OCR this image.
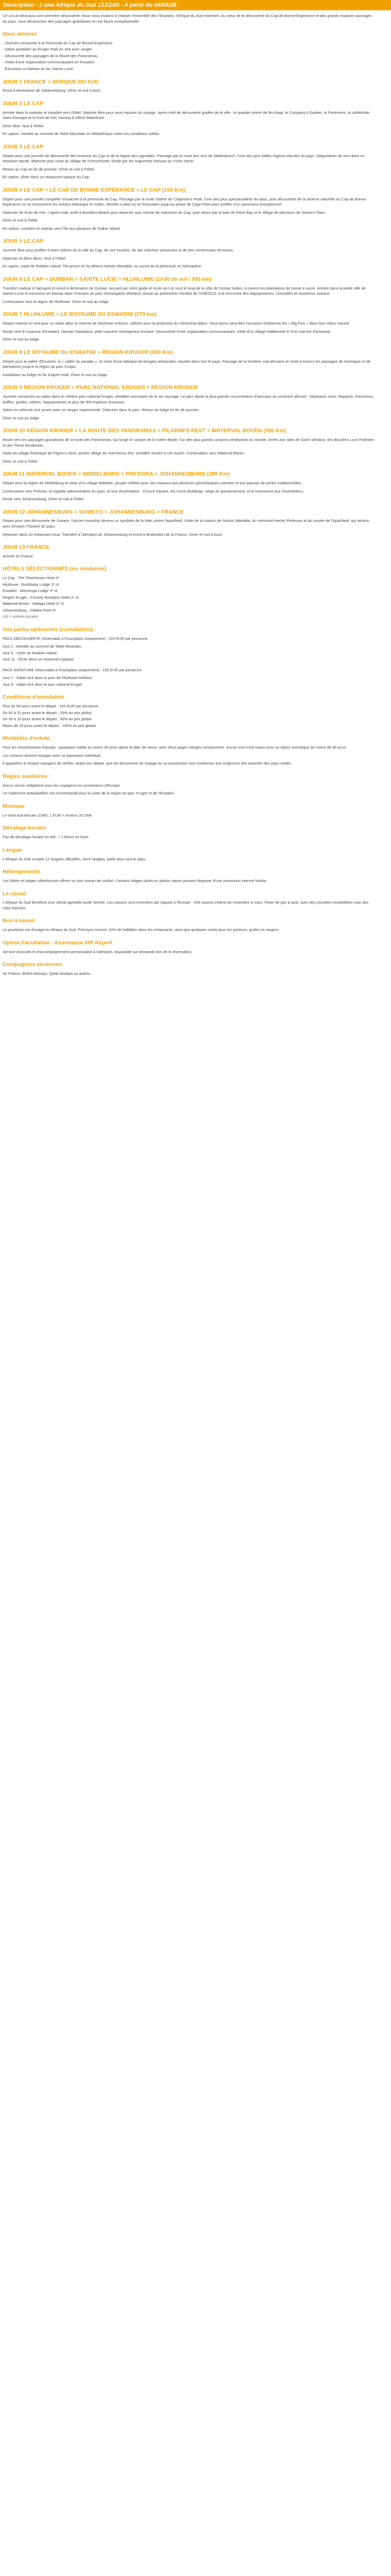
Description - 1 une Afrique du Sud 13J/10N - A partir du 04/04/26

Ce circuit idéal pour une première découverte. Nous vous invitons à réaliser l'ensemble des l'Eswatini, l'Afrique du Sud essentiel. Au cœur de la découverte du Cap de Bonne-Espérance et des grands espaces sauvages du pays, vous découvrirez des paysages grandioses et une faune exceptionnelle.

Vous aimerez
- Journée consacrée à la Péninsule du Cap de Bonne-Espérance
- Safari quotidien au Kruger Park en 4x4 avec ranger
- Découverte des paysages de la Route des Panoramas
- Visite d'une organisation communautaire en Eswatini
- Excursion en bateau au lac Sainte-Lucie
JOUR 1 FRANCE > AFRIQUE DU SUD

Envol à destination de Johannesburg. Dîner et nuit à bord.

JOUR 2 LE CAP

Arrivée dans la matinée et transfert vers l'hôtel. Matinée libre pour vous reposer du voyage. Après-midi de découverte guidée de la ville : le quartier coloré de Bo-Kaap, le Company's Garden, le Parlement, la cathédrale Saint-Georges et le front de mer Victoria & Alfred Waterfront.

Dîner libre. Nuit à l'hôtel.

En option, montée au sommet de Table Mountain en téléphérique selon les conditions météo.

JOUR 3 LE CAP

Départ pour une journée de découverte des environs du Cap et de la région des vignobles. Passage par la route des vins de Stellenbosch, l'une des plus belles régions viticoles du pays. Dégustation de vins dans un domaine réputé, déjeuner puis visite du village de Franschhoek, fondé par les huguenots français au XVIIe siècle.

Retour au Cap en fin de journée. Dîner et nuit à l'hôtel.

En option, dîner dans un restaurant typique du Cap.

JOUR 4 LE CAP > LE CAP DE BONNE ESPÉRANCE > LE CAP (150 Km)

Départ pour une journée complète consacrée à la péninsule du Cap. Passage par la route côtière de Chapman's Peak, l'une des plus spectaculaires du pays, puis découverte de la réserve naturelle du Cap de Bonne-Espérance où se rencontrent les océans Atlantique et Indien. Montée à pied ou en funiculaire jusqu'au phare de Cape Point pour profiter d'un panorama exceptionnel.

Déjeuner de fruits de mer. L'après-midi, arrêt à Boulders Beach pour observer une colonie de manchots du Cap, puis retour par la baie de False Bay et le village de pêcheurs de Simon's Town.

Dîner et nuit à l'hôtel.

En option, croisière en bateau vers l'île aux phoques de Duiker Island.

JOUR 5 LE CAP

Journée libre pour profiter à votre rythme de la ville du Cap, de ses musées, de ses marchés artisanaux et de ses nombreuses terrasses.

Déjeuner et dîner libres. Nuit à l'hôtel.

En option, visite de Robben Island, l'île-prison où fut détenu Nelson Mandela, ou survol de la péninsule en hélicoptère.

JOUR 6 LE CAP > DURBAN > SAINTE LUCIE > HLUHLUWE (1h30 de vol / 300 km)

Transfert matinal à l'aéroport et envol à destination de Durban. Accueil par votre guide et route vers le nord le long de la côte de l'océan Indien, à travers les plantations de canne à sucre. Arrivée dans la petite ville de Sainte-Lucie et excursion en bateau dans l'estuaire du parc iSimangaliso Wetland, classé au patrimoine mondial de l'UNESCO, à la rencontre des hippopotames, crocodiles et nombreux oiseaux.

Continuation vers la région de Hluhluwe. Dîner et nuit au lodge.

JOUR 7 HLUHLUWE > LE ROYAUME DU ESWATINI (270 km)

Départ matinal en 4x4 pour un safari dans la réserve de Hluhluwe-Imfolozi, célèbre pour la protection du rhinocéros blanc. Vous aurez peut-être l'occasion d'observer les « Big Five » dans leur milieu naturel.

Route vers le royaume d'Eswatini, l'ancien Swaziland, petit royaume montagneux enclavé. Découverte d'une organisation communautaire, visite d'un village traditionnel et d'un marché d'artisanat.

Dîner et nuit au lodge.

JOUR 8 LE ROYAUME DU ESWATINI > RÉGION KRUGER (300 Km)

Départ pour la vallée d'Ezulwini, la « vallée du paradis », et visite d'une fabrique de bougies artisanales réputée dans tout le pays. Passage de la frontière sud-africaine et route à travers les paysages de montagne et de plantations jusqu'à la région du parc Kruger.

Installation au lodge en fin d'après-midi. Dîner et nuit au lodge.

JOUR 9 RÉGION KRUGER > PARC NATIONAL KRUGER > RÉGION KRUGER

Journée consacrée au safari dans le célèbre parc national Kruger, véritable sanctuaire de la vie sauvage. Le parc abrite la plus grande concentration d'animaux du continent africain : éléphants, lions, léopards, rhinocéros, buffles, girafes, zèbres, hippopotames et plus de 500 espèces d'oiseaux.

Safari en véhicule 4x4 ouvert avec un ranger expérimenté. Déjeuner dans le parc. Retour au lodge en fin de journée.

Dîner et nuit au lodge.

JOUR 10 RÉGION KRUGER > LA ROUTE DES PANORAMAS > PILGRIM'S REST > WATERVAL BOVEN (350 Km)

Route vers les paysages grandioses de la route des Panoramas, qui longe le canyon de la rivière Blyde, l'un des plus grands canyons verdoyants au monde. Arrêts aux sites de God's Window, des Bourke's Luck Potholes et des Three Rondavels.

Visite du village historique de Pilgrim's Rest, ancien village de chercheurs d'or, véritable musée à ciel ouvert. Continuation vers Waterval Boven.

Dîner et nuit à l'hôtel.

JOUR 11 WATERVAL BOVEN > MIDDELBURG > PRETORIA > JOHANNESBURG (280 Km)

Départ pour la région de Middelburg et visite d'un village Ndebele, peuple célèbre pour ses maisons aux peintures géométriques colorées et ses parures de perles traditionnelles.

Continuation vers Pretoria, la capitale administrative du pays, et tour d'orientation : Church Square, les Union Buildings, siège du gouvernement, et le monument aux Voortrekkers.

Route vers Johannesburg. Dîner et nuit à l'hôtel.

JOUR 12 JOHANNESBURG > SOWETO > JOHANNESBURG > FRANCE

Départ pour une découverte de Soweto, l'ancien township devenu un symbole de la lutte contre l'apartheid. Visite de la maison de Nelson Mandela, du mémorial Hector Pieterson et du musée de l'Apartheid, qui retrace avec émotion l'histoire du pays.

Déjeuner dans un restaurant local. Transfert à l'aéroport de Johannesburg et envol à destination de la France. Dîner et nuit à bord.

JOUR 13 FRANCE

Arrivée en France.

HÔTELS SÉLECTIONNÉS (ou similaires)
Le Cap : The Townhouse Hotel 4*
Hluhluwe : Bushbaby Lodge 3* nl
Eswatini : Mantenga Lodge 3* nl
Région Kruger : Country Boutique Hotel 3* nl
Waterval Boven : Malaga Hotel 3* nl
Johannesburg : Indaba Hotel 4*
(nl) = normes locales
Vos packs optionnels (cumulables) :

PACK DÉCOUVERTE (réservable à l'inscription uniquement) : 210 EUR par personne

Jour 2 : Montée au sommet de Table Mountain
Jour 5 : Visite de Robben Island
Jour 11 : Dîner dans un restaurant typique

PACK AVENTURE (réservable à l'inscription uniquement) : 225 EUR par personne

Jour 7 : Safari 4x4 dans le parc de Hluhluwe-Imfolozi
Jour 9 : Safari 4x4 dans le parc national Kruger
Conditions d'annulation
Plus de 60 jours avant le départ : 100 EUR par personne
De 60 à 31 jours avant le départ : 25% du prix global
De 30 à 15 jours avant le départ : 50% du prix global
Moins de 15 jours avant le départ : 100% du prix global
Modalités d'entrée :

Pour les ressortissants français : passeport valide au moins 30 jours après la date de retour, avec deux pages vierges consécutives. Aucun visa n'est requis pour un séjour touristique de moins de 90 jours.

Les mineurs doivent voyager avec un passeport individuel.

Il appartient à chaque voyageur de vérifier, avant son départ, que les documents de voyage en sa possession sont conformes aux exigences des autorités des pays visités.

Règles sanitaires :

Aucun vaccin obligatoire pour les voyageurs en provenance d'Europe.

Un traitement antipaludéen est recommandé pour la visite de la région du parc Kruger et de l'Eswatini.

Monnaie

Le rand sud-africain (ZAR). 1 EUR = environ 20 ZAR.

Décalage horaire

Pas de décalage horaire en été. + 1 heure en hiver.

Langue

L'Afrique du Sud compte 12 langues officielles, dont l'anglais, parlé dans tout le pays.

Hébergements

Les hôtels et lodges sélectionnés offrent un bon niveau de confort. Certains lodges situés en pleine nature peuvent disposer d'une connexion internet limitée.

Le climat

L'Afrique du Sud bénéficie d'un climat agréable toute l'année. Les saisons sont inversées par rapport à l'Europe : l'été austral s'étend de novembre à mars, l'hiver de juin à août, avec des journées ensoleillées mais des nuits fraîches.

Bon à savoir

Le pourboire est d'usage en Afrique du Sud. Prévoyez environ 10% de l'addition dans les restaurants, ainsi que quelques rands pour les porteurs, guides et rangers.

Option Facultative : Assistance VIP Airport

Service d'accueil et d'accompagnement personnalisé à l'aéroport, disponible sur demande lors de la réservation.

Compagnies aériennes

Air France, British Airways, Qatar Airways ou autres...
